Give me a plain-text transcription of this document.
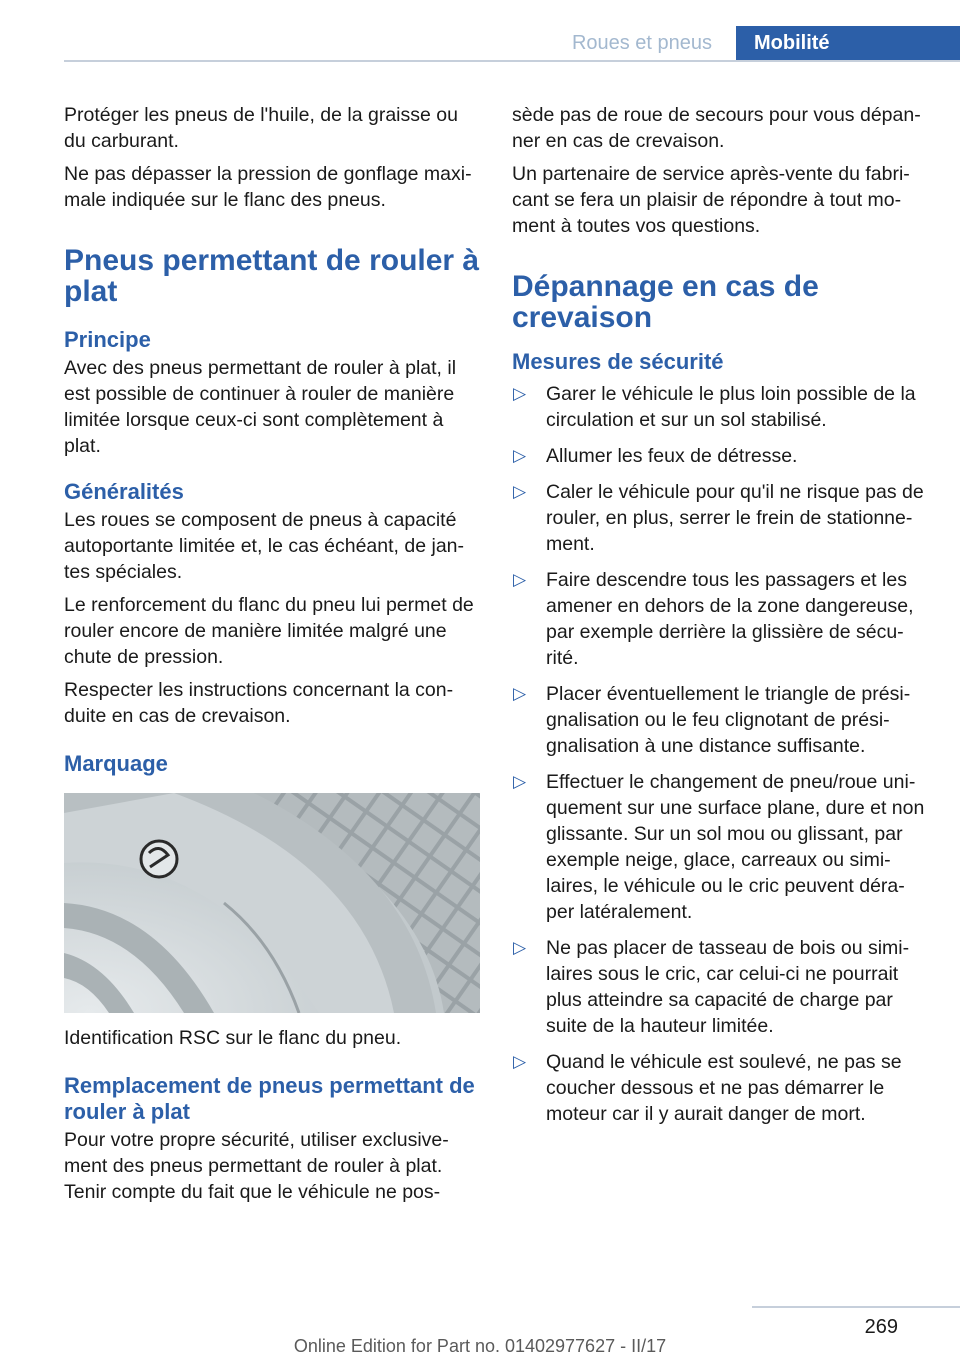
Roues et pneus	Mobilité

Protéger les pneus de l'huile, de la graisse ou du carburant.

Ne pas dépasser la pression de gonflage maxi‐male indiquée sur le flanc des pneus.

Pneus permettant de rouler à plat
Principe

Avec des pneus permettant de rouler à plat, il est possible de continuer à rouler de manière limitée lorsque ceux-ci sont complètement à plat.

Généralités

Les roues se composent de pneus à capacité autoportante limitée et, le cas échéant, de jan‐tes spéciales.

Le renforcement du flanc du pneu lui permet de rouler encore de manière limitée malgré une chute de pression.

Respecter les instructions concernant la con‐duite en cas de crevaison.

Marquage

Identification RSC sur le flanc du pneu.

Remplacement de pneus permettant de rouler à plat

Pour votre propre sécurité, utiliser exclusive‐ment des pneus permettant de rouler à plat. Tenir compte du fait que le véhicule ne pos‐

sède pas de roue de secours pour vous dépan‐ner en cas de crevaison.

Un partenaire de service après-vente du fabri‐cant se fera un plaisir de répondre à tout mo‐ment à toutes vos questions.

Dépannage en cas de crevaison
Mesures de sécurité
▷ Garer le véhicule le plus loin possible de la circulation et sur un sol stabilisé.
▷ Allumer les feux de détresse.
▷ Caler le véhicule pour qu'il ne risque pas de rouler, en plus, serrer le frein de stationne‐ment.
▷ Faire descendre tous les passagers et les amener en dehors de la zone dangereuse, par exemple derrière la glissière de sécu‐rité.
▷ Placer éventuellement le triangle de prési‐gnalisation ou le feu clignotant de prési‐gnalisation à une distance suffisante.
▷ Effectuer le changement de pneu/roue uni‐quement sur une surface plane, dure et non glissante. Sur un sol mou ou glissant, par exemple neige, glace, carreaux ou simi‐laires, le véhicule ou le cric peuvent déra‐per latéralement.
▷ Ne pas placer de tasseau de bois ou simi‐laires sous le cric, car celui-ci ne pourrait plus atteindre sa capacité de charge par suite de la hauteur limitée.
▷ Quand le véhicule est soulevé, ne pas se coucher dessous et ne pas démarrer le moteur car il y aurait danger de mort.
269
Online Edition for Part no. 01402977627 - II/17
